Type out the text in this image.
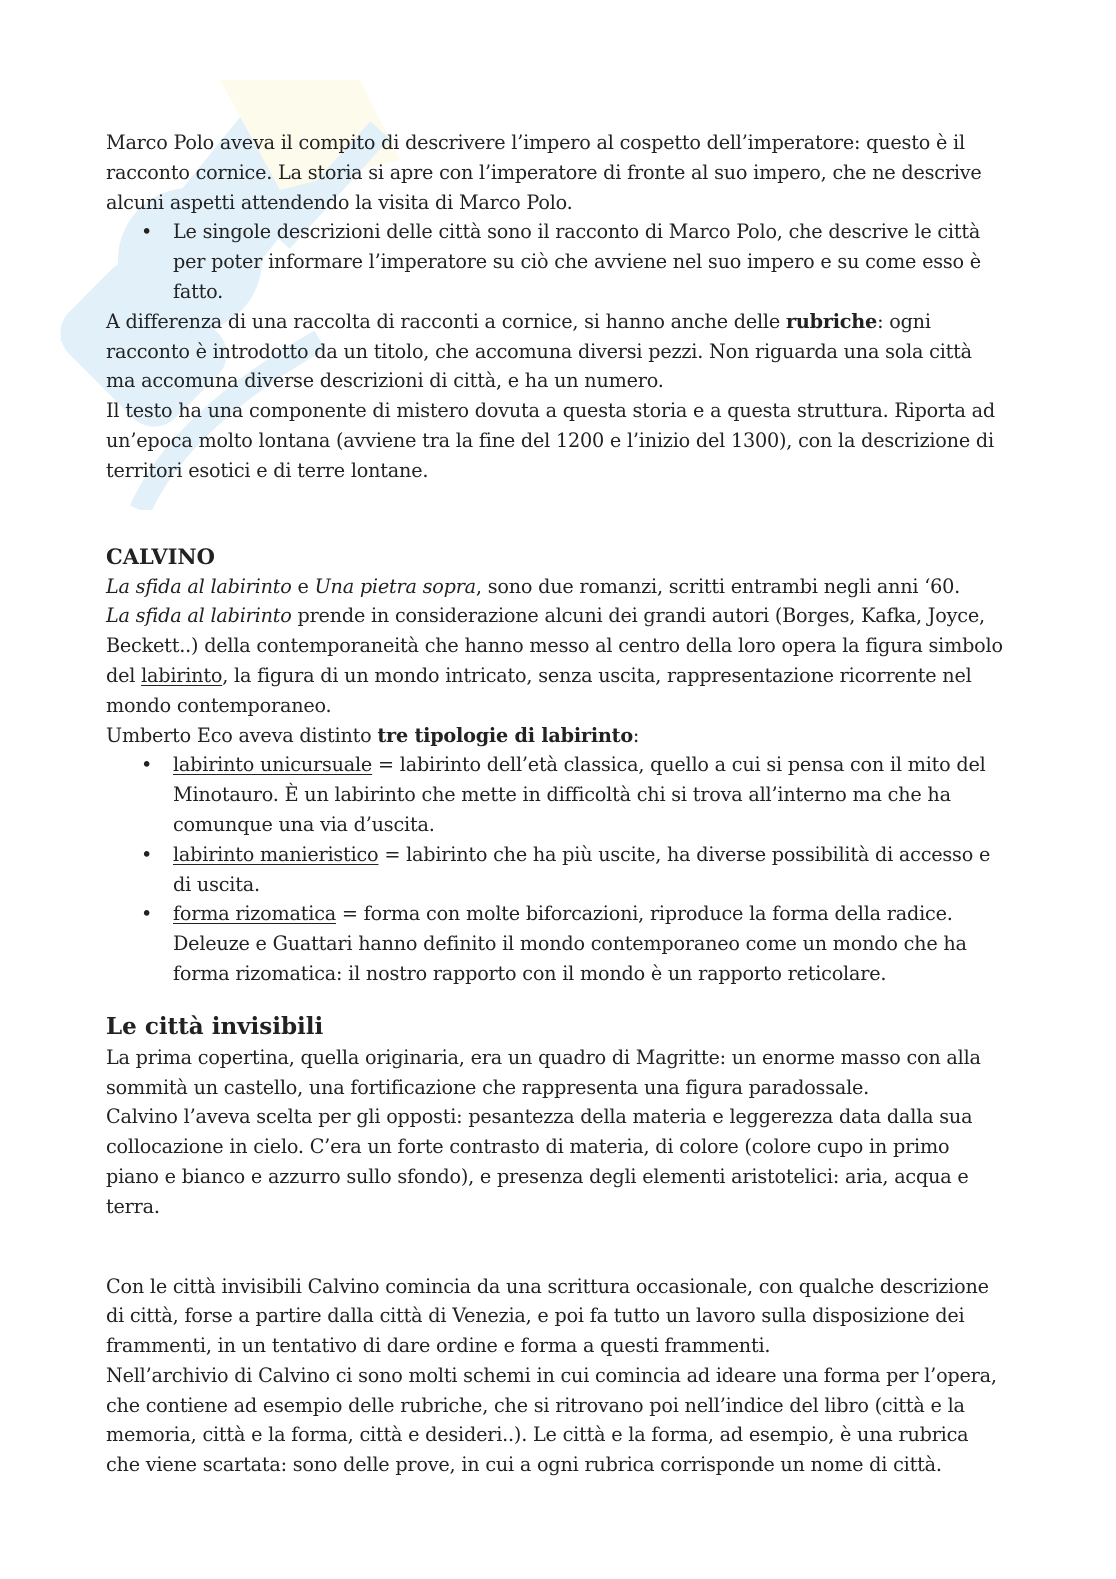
Marco Polo aveva il compito di descrivere l’impero al cospetto dell’imperatore: questo è il racconto cornice. La storia si apre con l’imperatore di fronte al suo impero, che ne descrive alcuni aspetti attendendo la visita di Marco Polo.

• Le singole descrizioni delle città sono il racconto di Marco Polo, che descrive le città per poter informare l’imperatore su ciò che avviene nel suo impero e su come esso è fatto.

A differenza di una raccolta di racconti a cornice, si hanno anche delle rubriche: ogni racconto è introdotto da un titolo, che accomuna diversi pezzi. Non riguarda una sola città ma accomuna diverse descrizioni di città, e ha un numero.

Il testo ha una componente di mistero dovuta a questa storia e a questa struttura. Riporta ad un’epoca molto lontana (avviene tra la fine del 1200 e l’inizio del 1300), con la descrizione di territori esotici e di terre lontane.

CALVINO

La sfida al labirinto e Una pietra sopra, sono due romanzi, scritti entrambi negli anni ‘60.

La sfida al labirinto prende in considerazione alcuni dei grandi autori (Borges, Kafka, Joyce, Beckett..) della contemporaneità che hanno messo al centro della loro opera la figura simbolo del labirinto, la figura di un mondo intricato, senza uscita, rappresentazione ricorrente nel mondo contemporaneo.

Umberto Eco aveva distinto tre tipologie di labirinto:

• labirinto unicursuale = labirinto dell’età classica, quello a cui si pensa con il mito del Minotauro. È un labirinto che mette in difficoltà chi si trova all’interno ma che ha comunque una via d’uscita.
• labirinto manieristico = labirinto che ha più uscite, ha diverse possibilità di accesso e di uscita.
• forma rizomatica = forma con molte biforcazioni, riproduce la forma della radice. Deleuze e Guattari hanno definito il mondo contemporaneo come un mondo che ha forma rizomatica: il nostro rapporto con il mondo è un rapporto reticolare.
Le città invisibili

La prima copertina, quella originaria, era un quadro di Magritte: un enorme masso con alla sommità un castello, una fortificazione che rappresenta una figura paradossale.

Calvino l’aveva scelta per gli opposti: pesantezza della materia e leggerezza data dalla sua collocazione in cielo. C’era un forte contrasto di materia, di colore (colore cupo in primo piano e bianco e azzurro sullo sfondo), e presenza degli elementi aristotelici: aria, acqua e terra.

Con le città invisibili Calvino comincia da una scrittura occasionale, con qualche descrizione di città, forse a partire dalla città di Venezia, e poi fa tutto un lavoro sulla disposizione dei frammenti, in un tentativo di dare ordine e forma a questi frammenti.

Nell’archivio di Calvino ci sono molti schemi in cui comincia ad ideare una forma per l’opera, che contiene ad esempio delle rubriche, che si ritrovano poi nell’indice del libro (città e la memoria, città e la forma, città e desideri..). Le città e la forma, ad esempio, è una rubrica che viene scartata: sono delle prove, in cui a ogni rubrica corrisponde un nome di città.
